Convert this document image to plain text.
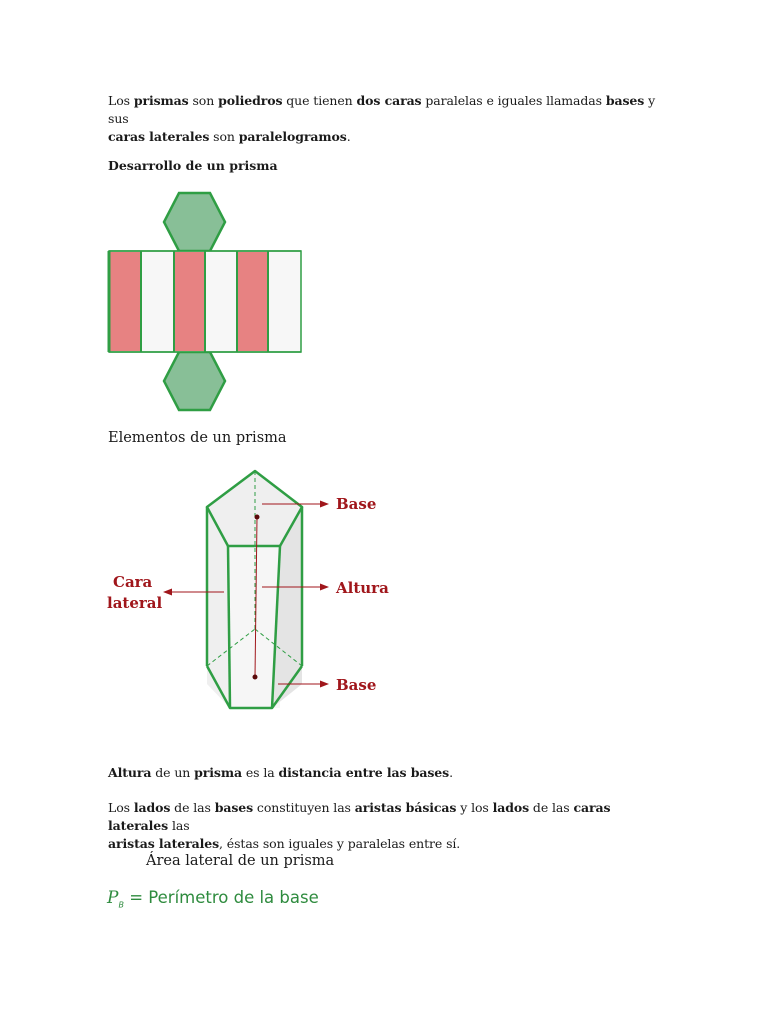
Los prismas son poliedros que tienen dos caras paralelas e iguales llamadas bases y sus
caras laterales son paralelogramos.
Desarrollo de un prisma
Elementos de un prisma
Base
Altura
Base
Cara
lateral
Altura de un prisma es la distancia entre las bases.
Los lados de las bases constituyen las aristas básicas y los lados de las caras laterales las
aristas laterales, éstas son iguales y paralelas entre sí.
Área lateral de un prisma
$P_B$ = Perímetro de la base
